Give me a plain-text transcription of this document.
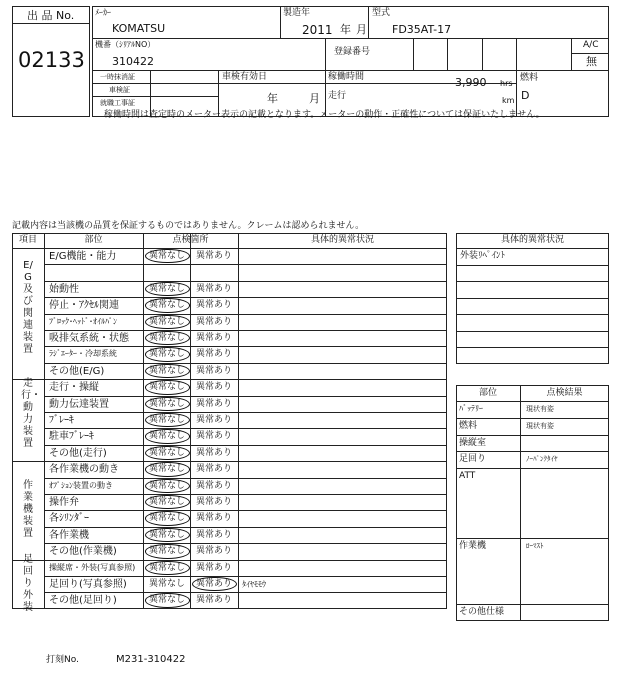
出 品 No.
02133
ﾒｰｶｰ
KOMATSU
製造年
2011 年 月
型式
FD35AT-17
機番（ｼﾘｱﾙNO）
310422
登録番号
A/C
無
一時抹消証
車検証
就職工事証
車検有効日
年	月
稼働時間	3,990 hrs
走行	km
燃料
D
稼働時間は査定時のメーター表示の記載となります。メーターの動作・正確性については保証いたしません。
記載内容は当該機の品質を保証するものではありません。クレームは認められません。
項目	部位	点検箇所	具体的異常状況
E/G及び関連装置
E/G機能・能力	異常なし 異常あり
始動性	異常なし 異常あり
停止・ｱｸｾﾙ関連	異常なし 異常あり
ﾌﾞﾛｯｸ･ﾍｯﾄﾞ･ｵｲﾙﾊﾟﾝ	異常なし 異常あり
吸排気系統・状態 異常なし 異常あり
ﾗｼﾞｴｰﾀｰ・冷却系統	異常なし 異常あり
その他(E/G)	異常なし 異常あり
走行・動力装置
走行・操縦	異常なし 異常あり
動力伝達装置	異常なし 異常あり
ﾌﾞﾚｰｷ	異常なし 異常あり
駐車ﾌﾞﾚｰｷ	異常なし 異常あり
その他(走行)	異常なし 異常あり
作業機装置
各作業機の動き	異常なし 異常あり
ｵﾌﾟｼｮﾝ装置の動き	異常なし 異常あり
操作弁	異常なし 異常あり
各ｼﾘﾝﾀﾞｰ	異常なし 異常あり
各作業機	異常なし 異常あり
その他(作業機)	異常なし 異常あり
足回り外装
操縦席・外装(写真参照) 異常なし 異常あり
足回り(写真参照) 異常なし 異常あり ﾀｲﾔﾓﾓｳ
その他(足回り)	異常なし 異常あり
具体的異常状況
外装ﾘﾍﾟｲﾝﾄ
部位	点検結果
ﾊﾞｯﾃﾘｰ	現状有姿
燃料	現状有姿
操縦室
足回り	ﾉｰﾊﾟﾝｸﾀｲﾔ
ATT
作業機	ﾛｰﾏｽﾄ
その他仕様
打刻No.	M231-310422
